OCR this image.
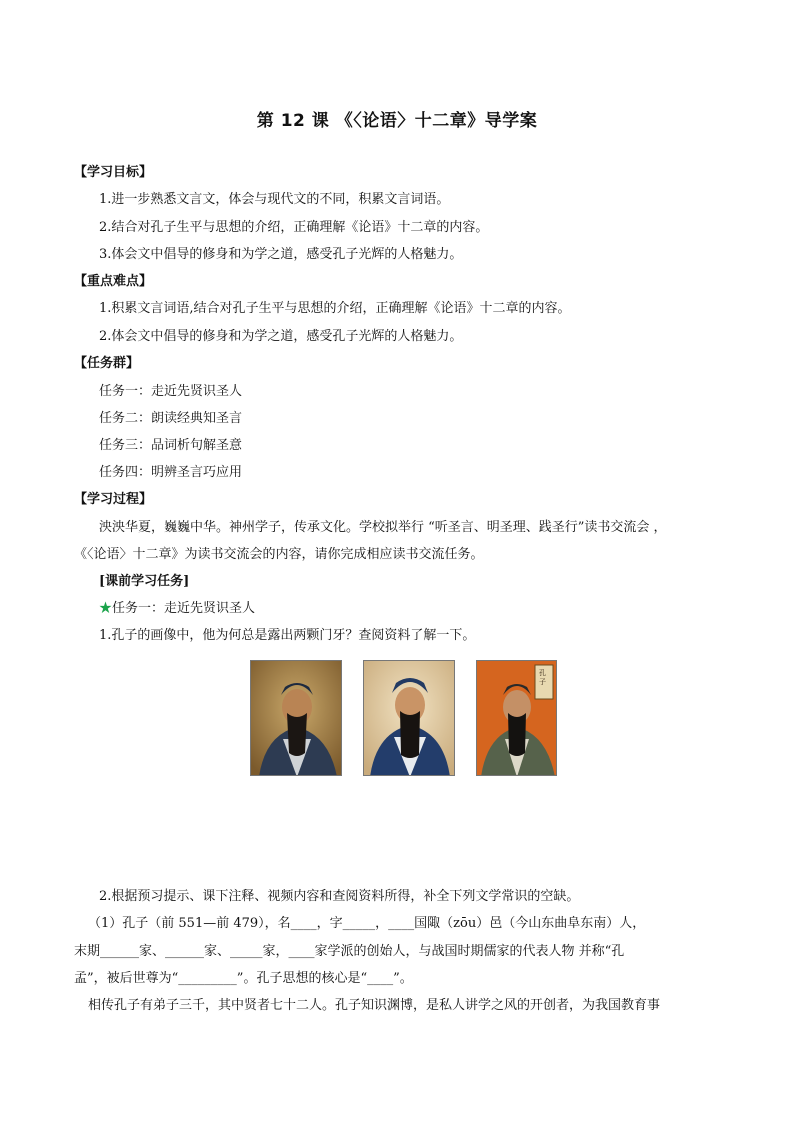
第 12 课 《〈论语〉十二章》导学案
【学习目标】
1.进一步熟悉文言文，体会与现代文的不同，积累文言词语。
2.结合对孔子生平与思想的介绍，正确理解《论语》十二章的内容。
3.体会文中倡导的修身和为学之道，感受孔子光辉的人格魅力。
【重点难点】
1.积累文言词语,结合对孔子生平与思想的介绍，正确理解《论语》十二章的内容。
2.体会文中倡导的修身和为学之道，感受孔子光辉的人格魅力。
【任务群】
任务一：走近先贤识圣人
任务二：朗读经典知圣言
任务三：品词析句解圣意
任务四：明辨圣言巧应用
【学习过程】
泱泱华夏，巍巍中华。神州学子，传承文化。学校拟举行 “听圣言、明圣理、践圣行”读书交流会 ，
《〈论语〉十二章》为读书交流会的内容，请你完成相应读书交流任务。
[课前学习任务]
★任务一：走近先贤识圣人
1.孔子的画像中，他为何总是露出两颗门牙？查阅资料了解一下。
孔子
2.根据预习提示、课下注释、视频内容和查阅资料所得，补全下列文学常识的空缺。
（1）孔子（前 551—前 479），名____，字_____，____国陬（zōu）邑（今山东曲阜东南）人，
末期______家、______家、_____家，____家学派的创始人，与战国时期儒家的代表人物 并称“孔
孟”，被后世尊为“_________”。孔子思想的核心是“____”。
相传孔子有弟子三千，其中贤者七十二人。孔子知识渊博，是私人讲学之风的开创者，为我国教育事
